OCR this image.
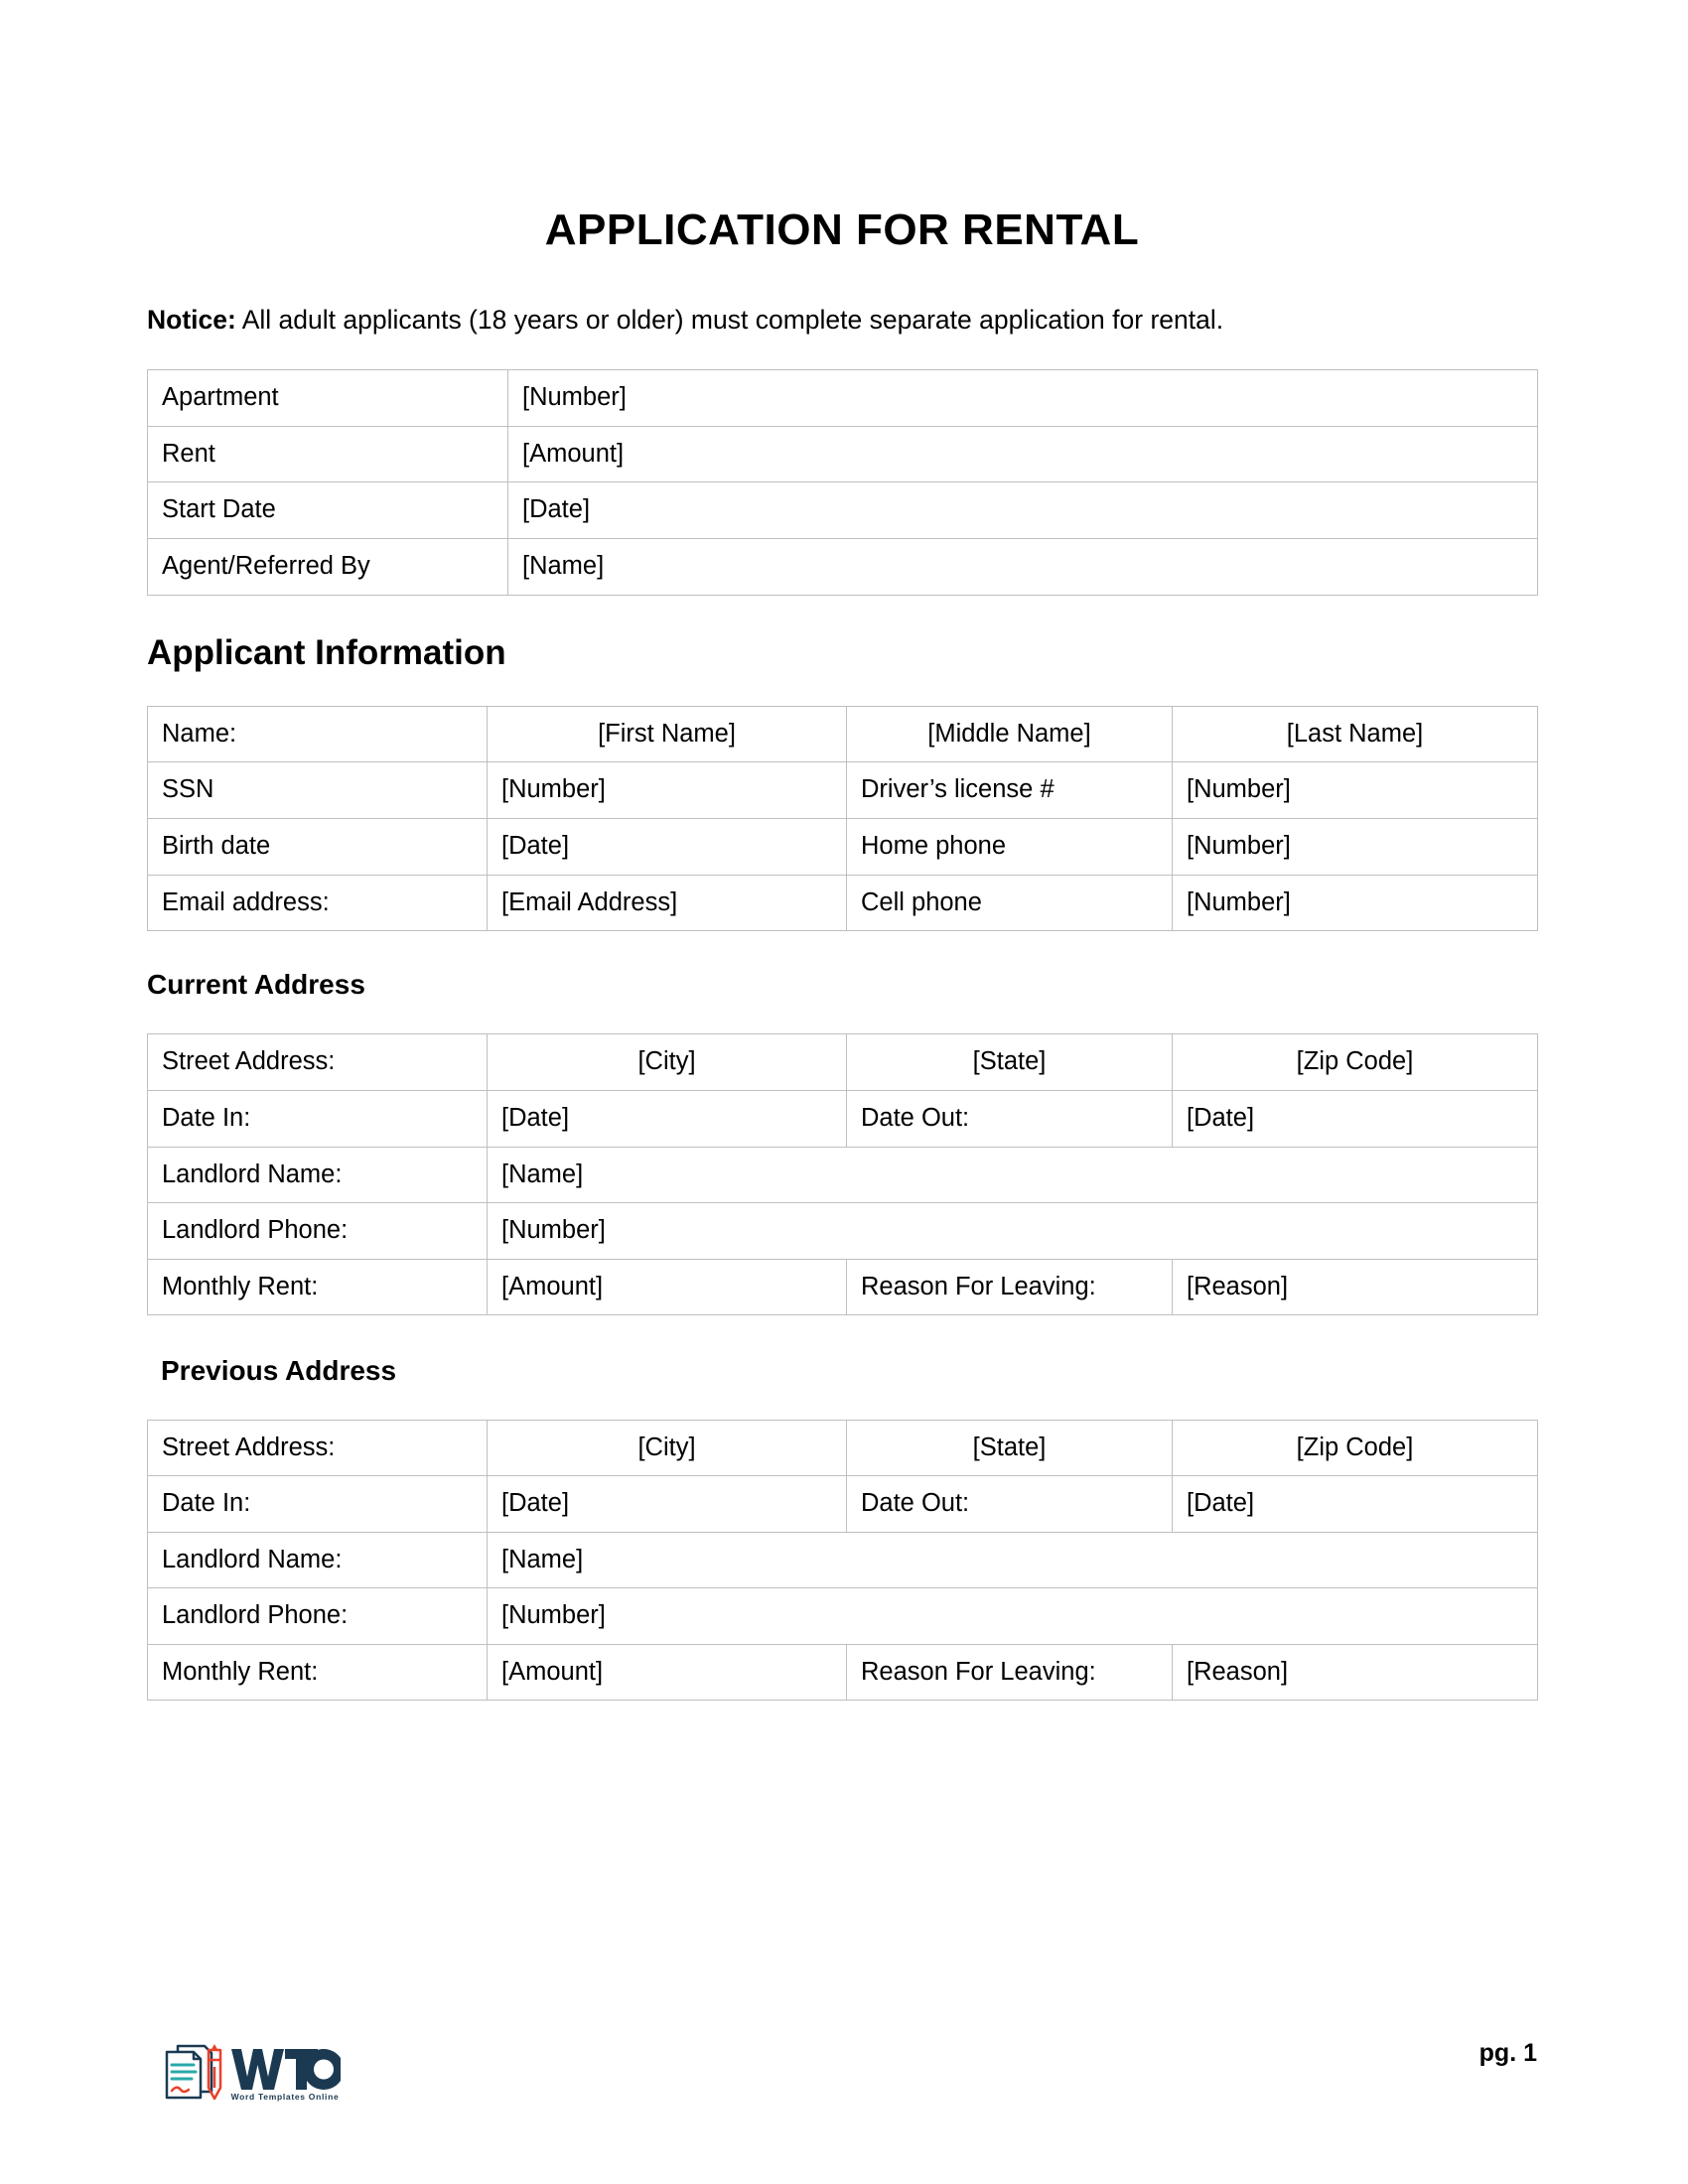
APPLICATION FOR RENTAL

Notice: All adult applicants (18 years or older) must complete separate application for rental.

Apartment	[Number]
Rent	[Amount]
Start Date	[Date]
Agent/Referred By	[Name]
Applicant Information
Name:	[First Name]	[Middle Name]	[Last Name]
SSN	[Number]	Driver’s license #	[Number]
Birth date	[Date]	Home phone	[Number]
Email address:	[Email Address]	Cell phone	[Number]
Current Address
Street Address:	[City]	[State]	[Zip Code]
Date In:	[Date]	Date Out:	[Date]
Landlord Name:	[Name]		
Landlord Phone:	[Number]		
Monthly Rent:	[Amount]	Reason For Leaving:	[Reason]
Previous Address
Street Address:	[City]	[State]	[Zip Code]
Date In:	[Date]	Date Out:	[Date]
Landlord Name:	[Name]		
Landlord Phone:	[Number]		
Monthly Rent:	[Amount]	Reason For Leaving:	[Reason]
Word Templates Online
pg. 1
